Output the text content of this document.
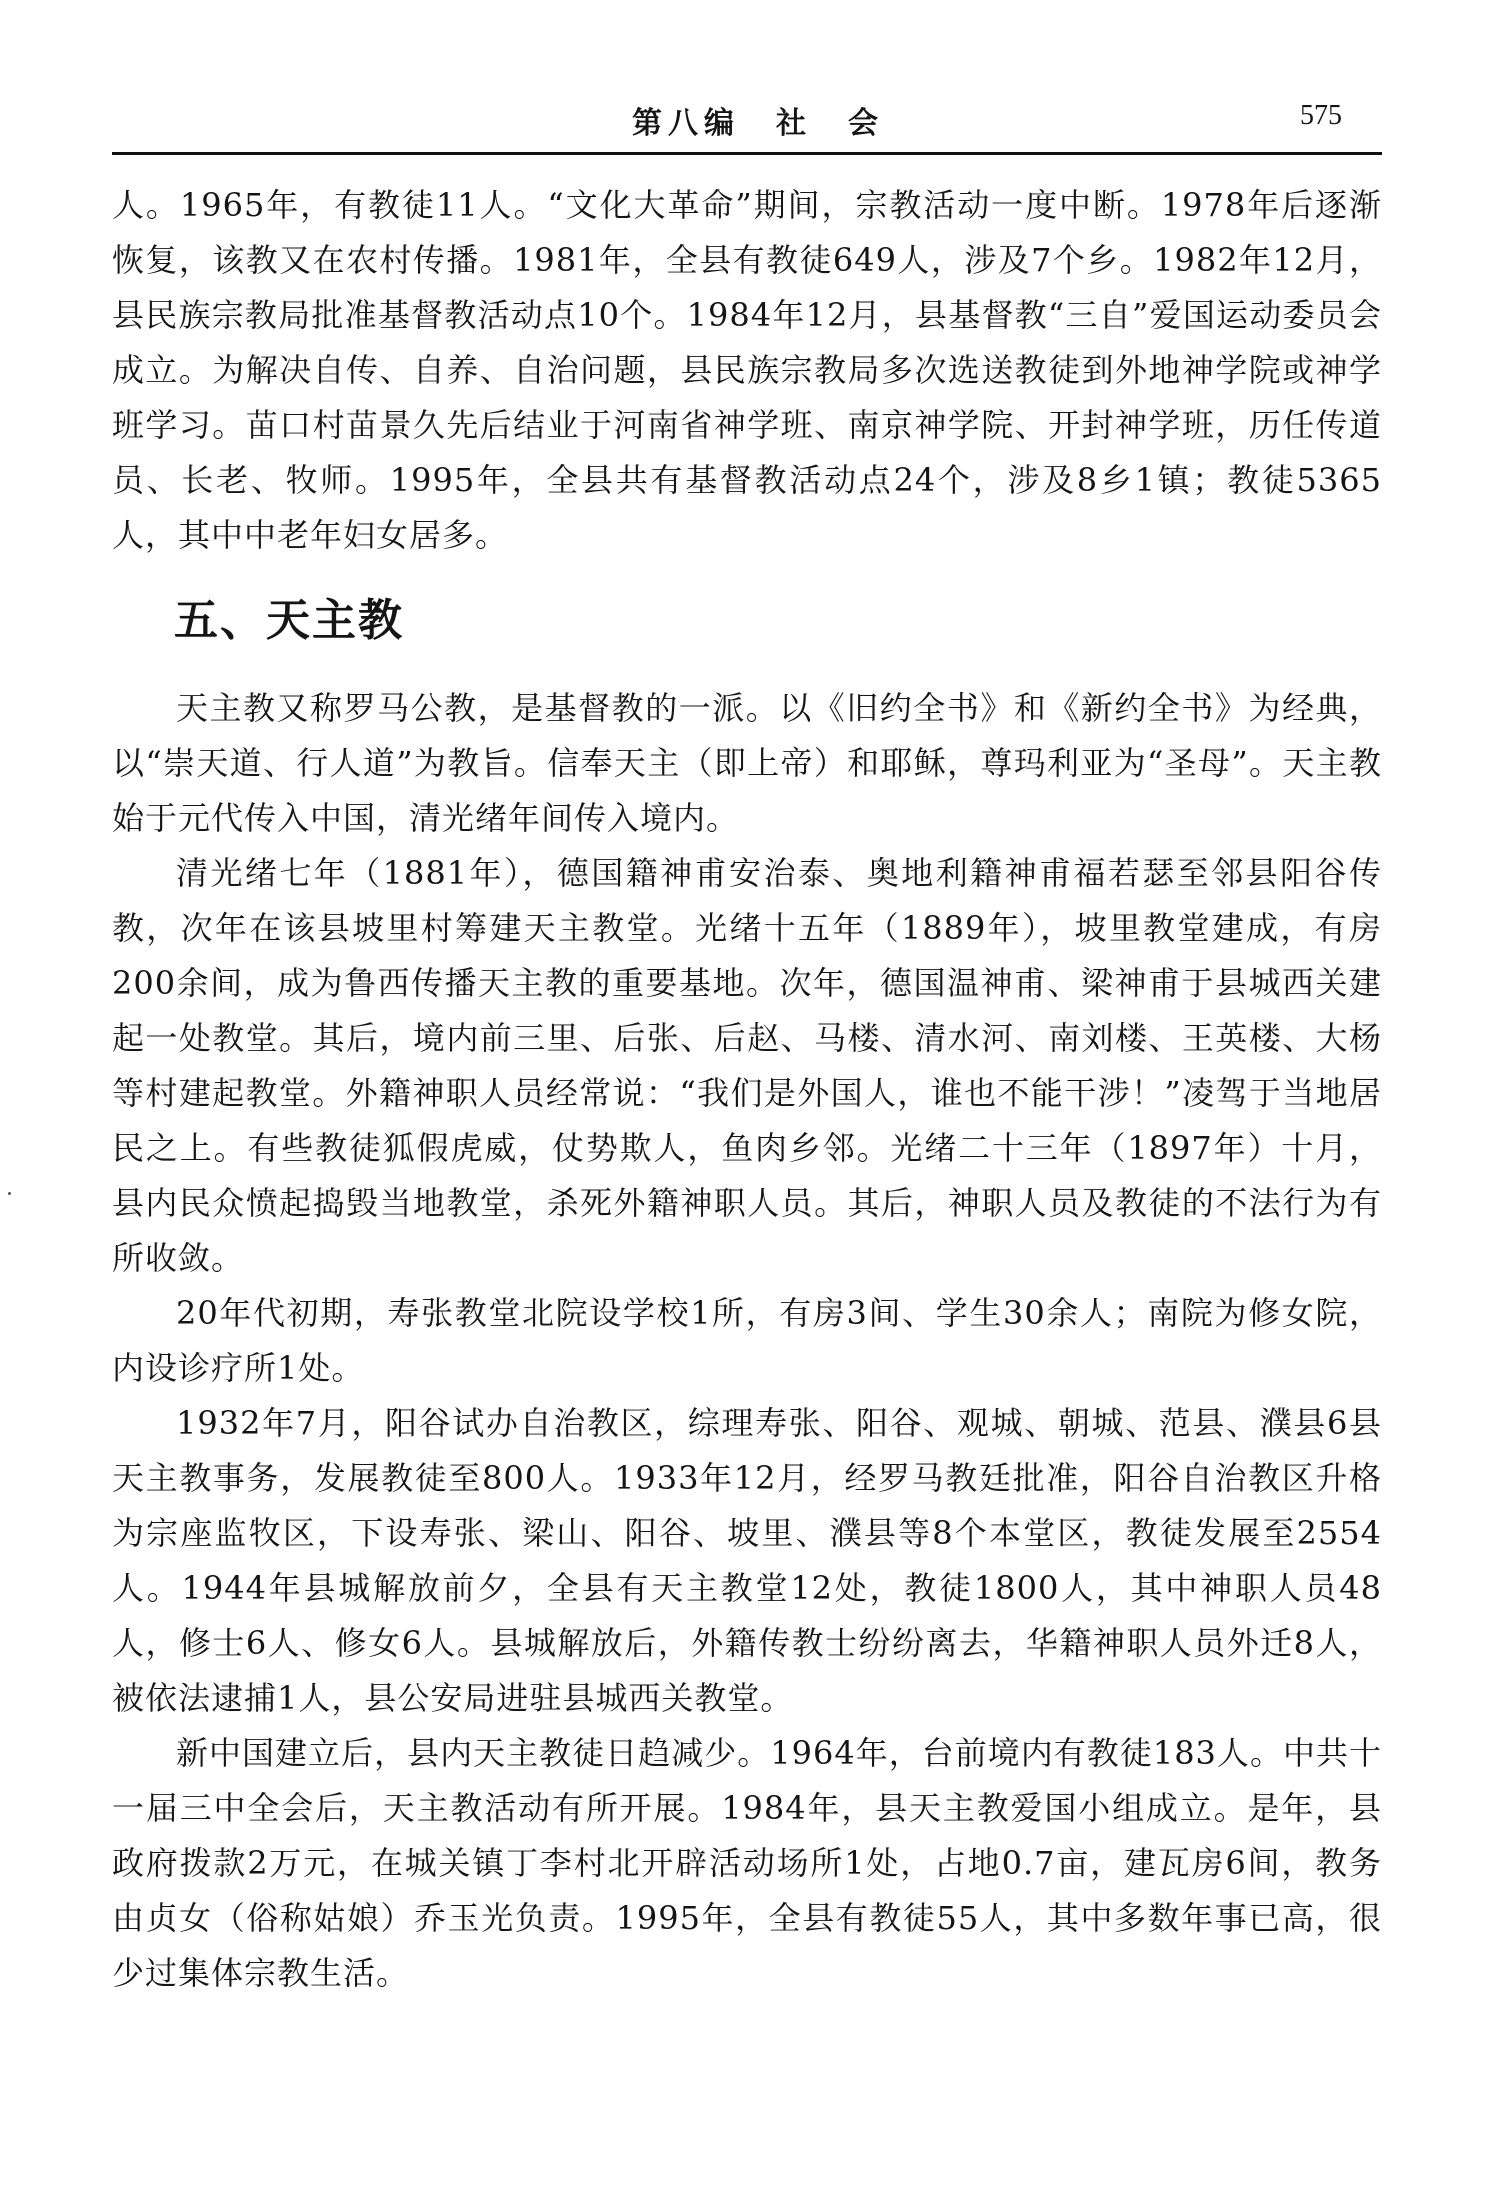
第八编　社　会	575

人。1965年，有教徒11人。“文化大革命”期间，宗教活动一度中断。1978年后逐渐恢复，该教又在农村传播。1981年，全县有教徒649人，涉及7个乡。1982年12月，县民族宗教局批准基督教活动点10个。1984年12月，县基督教“三自”爱国运动委员会成立。为解决自传、自养、自治问题，县民族宗教局多次选送教徒到外地神学院或神学班学习。苗口村苗景久先后结业于河南省神学班、南京神学院、开封神学班，历任传道员、长老、牧师。1995年，全县共有基督教活动点24个，涉及8乡1镇；教徒5365人，其中中老年妇女居多。

五、天主教

天主教又称罗马公教，是基督教的一派。以《旧约全书》和《新约全书》为经典，以“崇天道、行人道”为教旨。信奉天主（即上帝）和耶稣，尊玛利亚为“圣母”。天主教始于元代传入中国，清光绪年间传入境内。

清光绪七年（1881年），德国籍神甫安治泰、奥地利籍神甫福若瑟至邻县阳谷传教，次年在该县坡里村筹建天主教堂。光绪十五年（1889年），坡里教堂建成，有房200余间，成为鲁西传播天主教的重要基地。次年，德国温神甫、梁神甫于县城西关建起一处教堂。其后，境内前三里、后张、后赵、马楼、清水河、南刘楼、王英楼、大杨等村建起教堂。外籍神职人员经常说：“我们是外国人，谁也不能干涉！”凌驾于当地居民之上。有些教徒狐假虎威，仗势欺人，鱼肉乡邻。光绪二十三年（1897年）十月，县内民众愤起捣毁当地教堂，杀死外籍神职人员。其后，神职人员及教徒的不法行为有所收敛。

20年代初期，寿张教堂北院设学校1所，有房3间、学生30余人；南院为修女院，内设诊疗所1处。

1932年7月，阳谷试办自治教区，综理寿张、阳谷、观城、朝城、范县、濮县6县天主教事务，发展教徒至800人。1933年12月，经罗马教廷批准，阳谷自治教区升格为宗座监牧区，下设寿张、梁山、阳谷、坡里、濮县等8个本堂区，教徒发展至2554人。1944年县城解放前夕，全县有天主教堂12处，教徒1800人，其中神职人员48人，修士6人、修女6人。县城解放后，外籍传教士纷纷离去，华籍神职人员外迁8人，被依法逮捕1人，县公安局进驻县城西关教堂。

新中国建立后，县内天主教徒日趋减少。1964年，台前境内有教徒183人。中共十一届三中全会后，天主教活动有所开展。1984年，县天主教爱国小组成立。是年，县政府拨款2万元，在城关镇丁李村北开辟活动场所1处，占地0.7亩，建瓦房6间，教务由贞女（俗称姑娘）乔玉光负责。1995年，全县有教徒55人，其中多数年事已高，很少过集体宗教生活。
